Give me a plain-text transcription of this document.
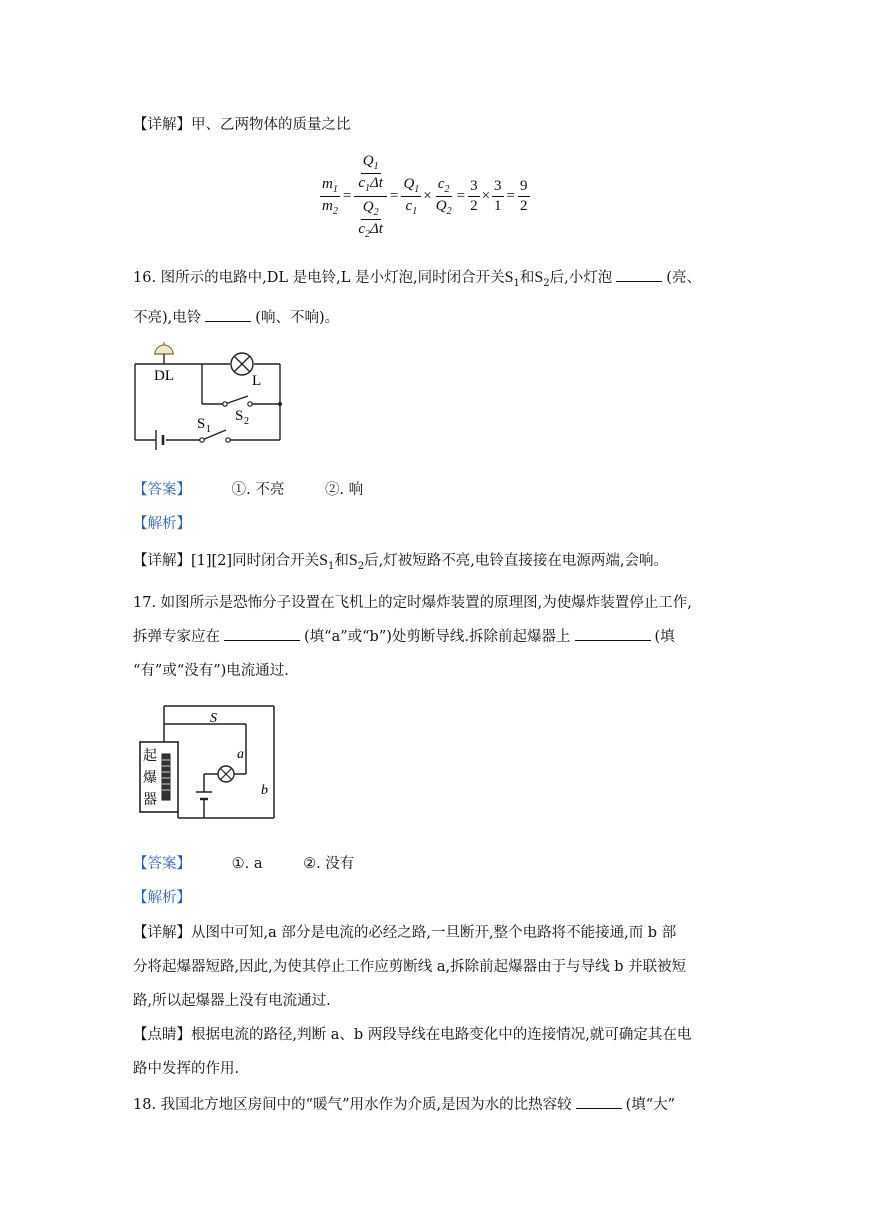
【详解】甲、乙两物体的质量之比
$\frac{m_1}{m_2} = \frac{\frac{Q_1}{c_1\Delta t}}{\frac{Q_2}{c_2\Delta t}} = \frac{Q_1}{c_1} \times \frac{c_2}{Q_2} = \frac{3}{2} \times \frac{3}{1} = \frac{9}{2}$
16. 图所示的电路中,DL 是电铃,L 是小灯泡,同时闭合开关$S_1$和$S_2$后,小灯泡	(亮、
不亮),电铃	(响、不响)。
DL	L
S 2
S 1
【答案】	①. 不亮	②. 响
【解析】
【详解】[1][2]同时闭合开关$S_1$和$S_2$后,灯被短路不亮,电铃直接接在电源两端,会响。
17. 如图所示是恐怖分子设置在飞机上的定时爆炸装置的原理图,为使爆炸装置停止工作,
拆弹专家应在	(填“a”或“b”)处剪断导线.拆除前起爆器上	(填
“有”或“没有”)电流通过.
起
爆
器
S
a
b
【答案】	①. a	②. 没有
【解析】
【详解】从图中可知,a 部分是电流的必经之路,一旦断开,整个电路将不能接通,而 b 部
分将起爆器短路,因此,为使其停止工作应剪断线 a,拆除前起爆器由于与导线 b 并联被短
路,所以起爆器上没有电流通过.
【点睛】根据电流的路径,判断 a、b 两段导线在电路变化中的连接情况,就可确定其在电
路中发挥的作用.
18. 我国北方地区房间中的“暖气”用水作为介质,是因为水的比热容较	(填“大”
